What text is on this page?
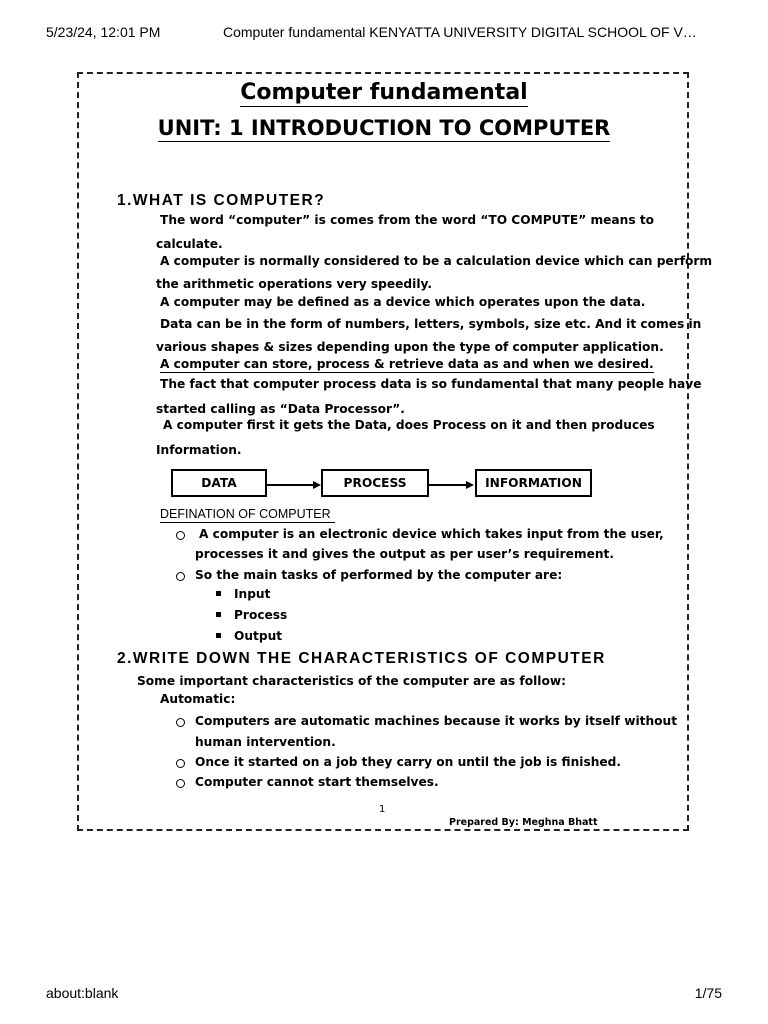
5/23/24, 12:01 PM	Computer fundamental KENYATTA UNIVERSITY DIGITAL SCHOOL OF V…
Computer fundamental
UNIT: 1 INTRODUCTION TO COMPUTER
1.WHAT IS COMPUTER?
The word “computer” is comes from the word “TO COMPUTE” means to
calculate.
A computer is normally considered to be a calculation device which can perform
the arithmetic operations very speedily.
A computer may be defined as a device which operates upon the data.
Data can be in the form of numbers, letters, symbols, size etc. And it comes in
various shapes & sizes depending upon the type of computer application.
A computer can store, process & retrieve data as and when we desired.
The fact that computer process data is so fundamental that many people have
started calling as “Data Processor”.
A computer first it gets the Data, does Process on it and then produces
Information.
DATA	PROCESS	INFORMATION
DEFINATION OF COMPUTER
A computer is an electronic device which takes input from the user,
processes it and gives the output as per user’s requirement.
So the main tasks of performed by the computer are:
Input
Process
Output
2.WRITE DOWN THE CHARACTERISTICS OF COMPUTER
Some important characteristics of the computer are as follow:
Automatic:
Computers are automatic machines because it works by itself without
human intervention.
Once it started on a job they carry on until the job is finished.
Computer cannot start themselves.
1
Prepared By: Meghna Bhatt
about:blank	1/75
